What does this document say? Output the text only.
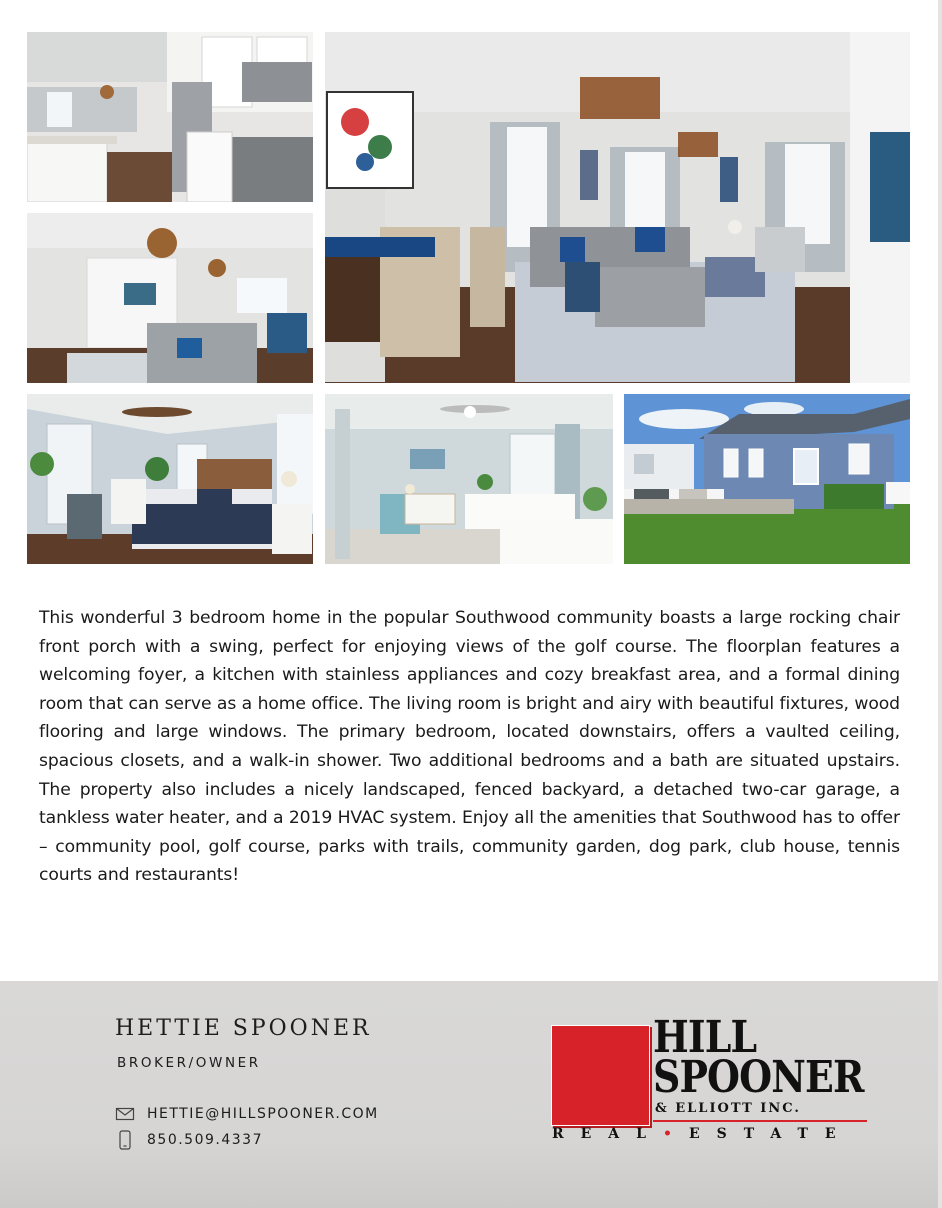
This wonderful 3 bedroom home in the popular Southwood community boasts a large rocking chair front porch with a swing, perfect for enjoying views of the golf course. The floorplan features a welcoming foyer, a kitchen with stainless appliances and cozy breakfast area, and a formal dining room that can serve as a home office. The living room is bright and airy with beautiful fixtures, wood flooring and large windows. The primary bedroom, located downstairs, offers a vaulted ceiling, spacious closets, and a walk-in shower. Two additional bedrooms and a bath are situated upstairs. The property also includes a nicely landscaped, fenced backyard, a detached two-car garage, a tankless water heater, and a 2019 HVAC system. Enjoy all the amenities that Southwood has to offer – community pool, golf course, parks with trails, community garden, dog park, club house, tennis courts and restaurants!

HETTIE SPOONER
BROKER/OWNER
HETTIE@HILLSPOONER.COM
850.509.4337
HILL
SPOONER
& ELLIOTT INC.
REAL•ESTATE
